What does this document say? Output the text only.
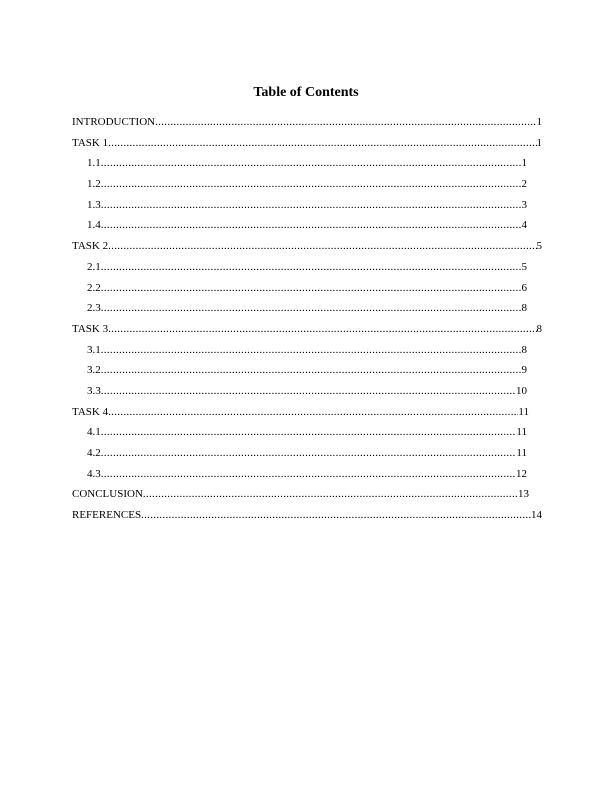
Table of Contents
INTRODUCTION .....	1
TASK 1 .....	1
1.1 .....	1
1.2 .....	2
1.3 .....	3
1.4 .....	4
TASK 2 .....	5
2.1 .....	5
2.2 .....	6
2.3 .....	8
TASK 3 .....	8
3.1 .....	8
3.2 .....	9
3.3 .....	10
TASK 4 .....	11
4.1 .....	11
4.2 .....	11
4.3 .....	12
CONCLUSION .....	13
REFERENCES .....	14
